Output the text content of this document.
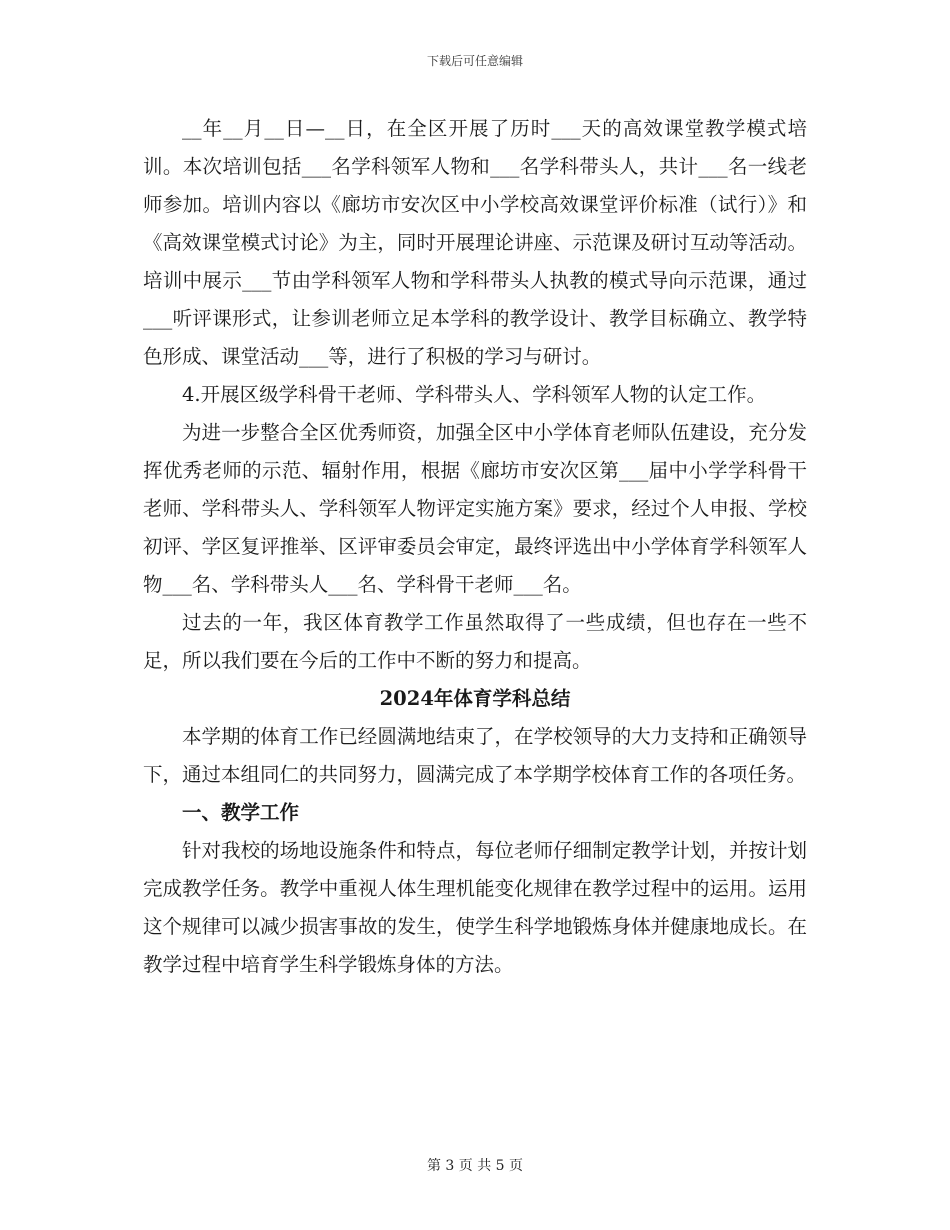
下载后可任意编辑

__年__月__日—__日，在全区开展了历时___天的高效课堂教学模式培训。本次培训包括___名学科领军人物和___名学科带头人，共计___名一线老师参加。培训内容以《廊坊市安次区中小学校高效课堂评价标准（试行）》和《高效课堂模式讨论》为主，同时开展理论讲座、示范课及研讨互动等活动。培训中展示___节由学科领军人物和学科带头人执教的模式导向示范课，通过___听评课形式，让参训老师立足本学科的教学设计、教学目标确立、教学特色形成、课堂活动___等，进行了积极的学习与研讨。

4.开展区级学科骨干老师、学科带头人、学科领军人物的认定工作。

为进一步整合全区优秀师资，加强全区中小学体育老师队伍建设，充分发挥优秀老师的示范、辐射作用，根据《廊坊市安次区第___届中小学学科骨干老师、学科带头人、学科领军人物评定实施方案》要求，经过个人申报、学校初评、学区复评推举、区评审委员会审定，最终评选出中小学体育学科领军人物___名、学科带头人___名、学科骨干老师___名。

过去的一年，我区体育教学工作虽然取得了一些成绩，但也存在一些不足，所以我们要在今后的工作中不断的努力和提高。

2024年体育学科总结

本学期的体育工作已经圆满地结束了，在学校领导的大力支持和正确领导下，通过本组同仁的共同努力，圆满完成了本学期学校体育工作的各项任务。

一、教学工作

针对我校的场地设施条件和特点，每位老师仔细制定教学计划，并按计划完成教学任务。教学中重视人体生理机能变化规律在教学过程中的运用。运用这个规律可以减少损害事故的发生，使学生科学地锻炼身体并健康地成长。在教学过程中培育学生科学锻炼身体的方法。

第 3 页 共 5 页
